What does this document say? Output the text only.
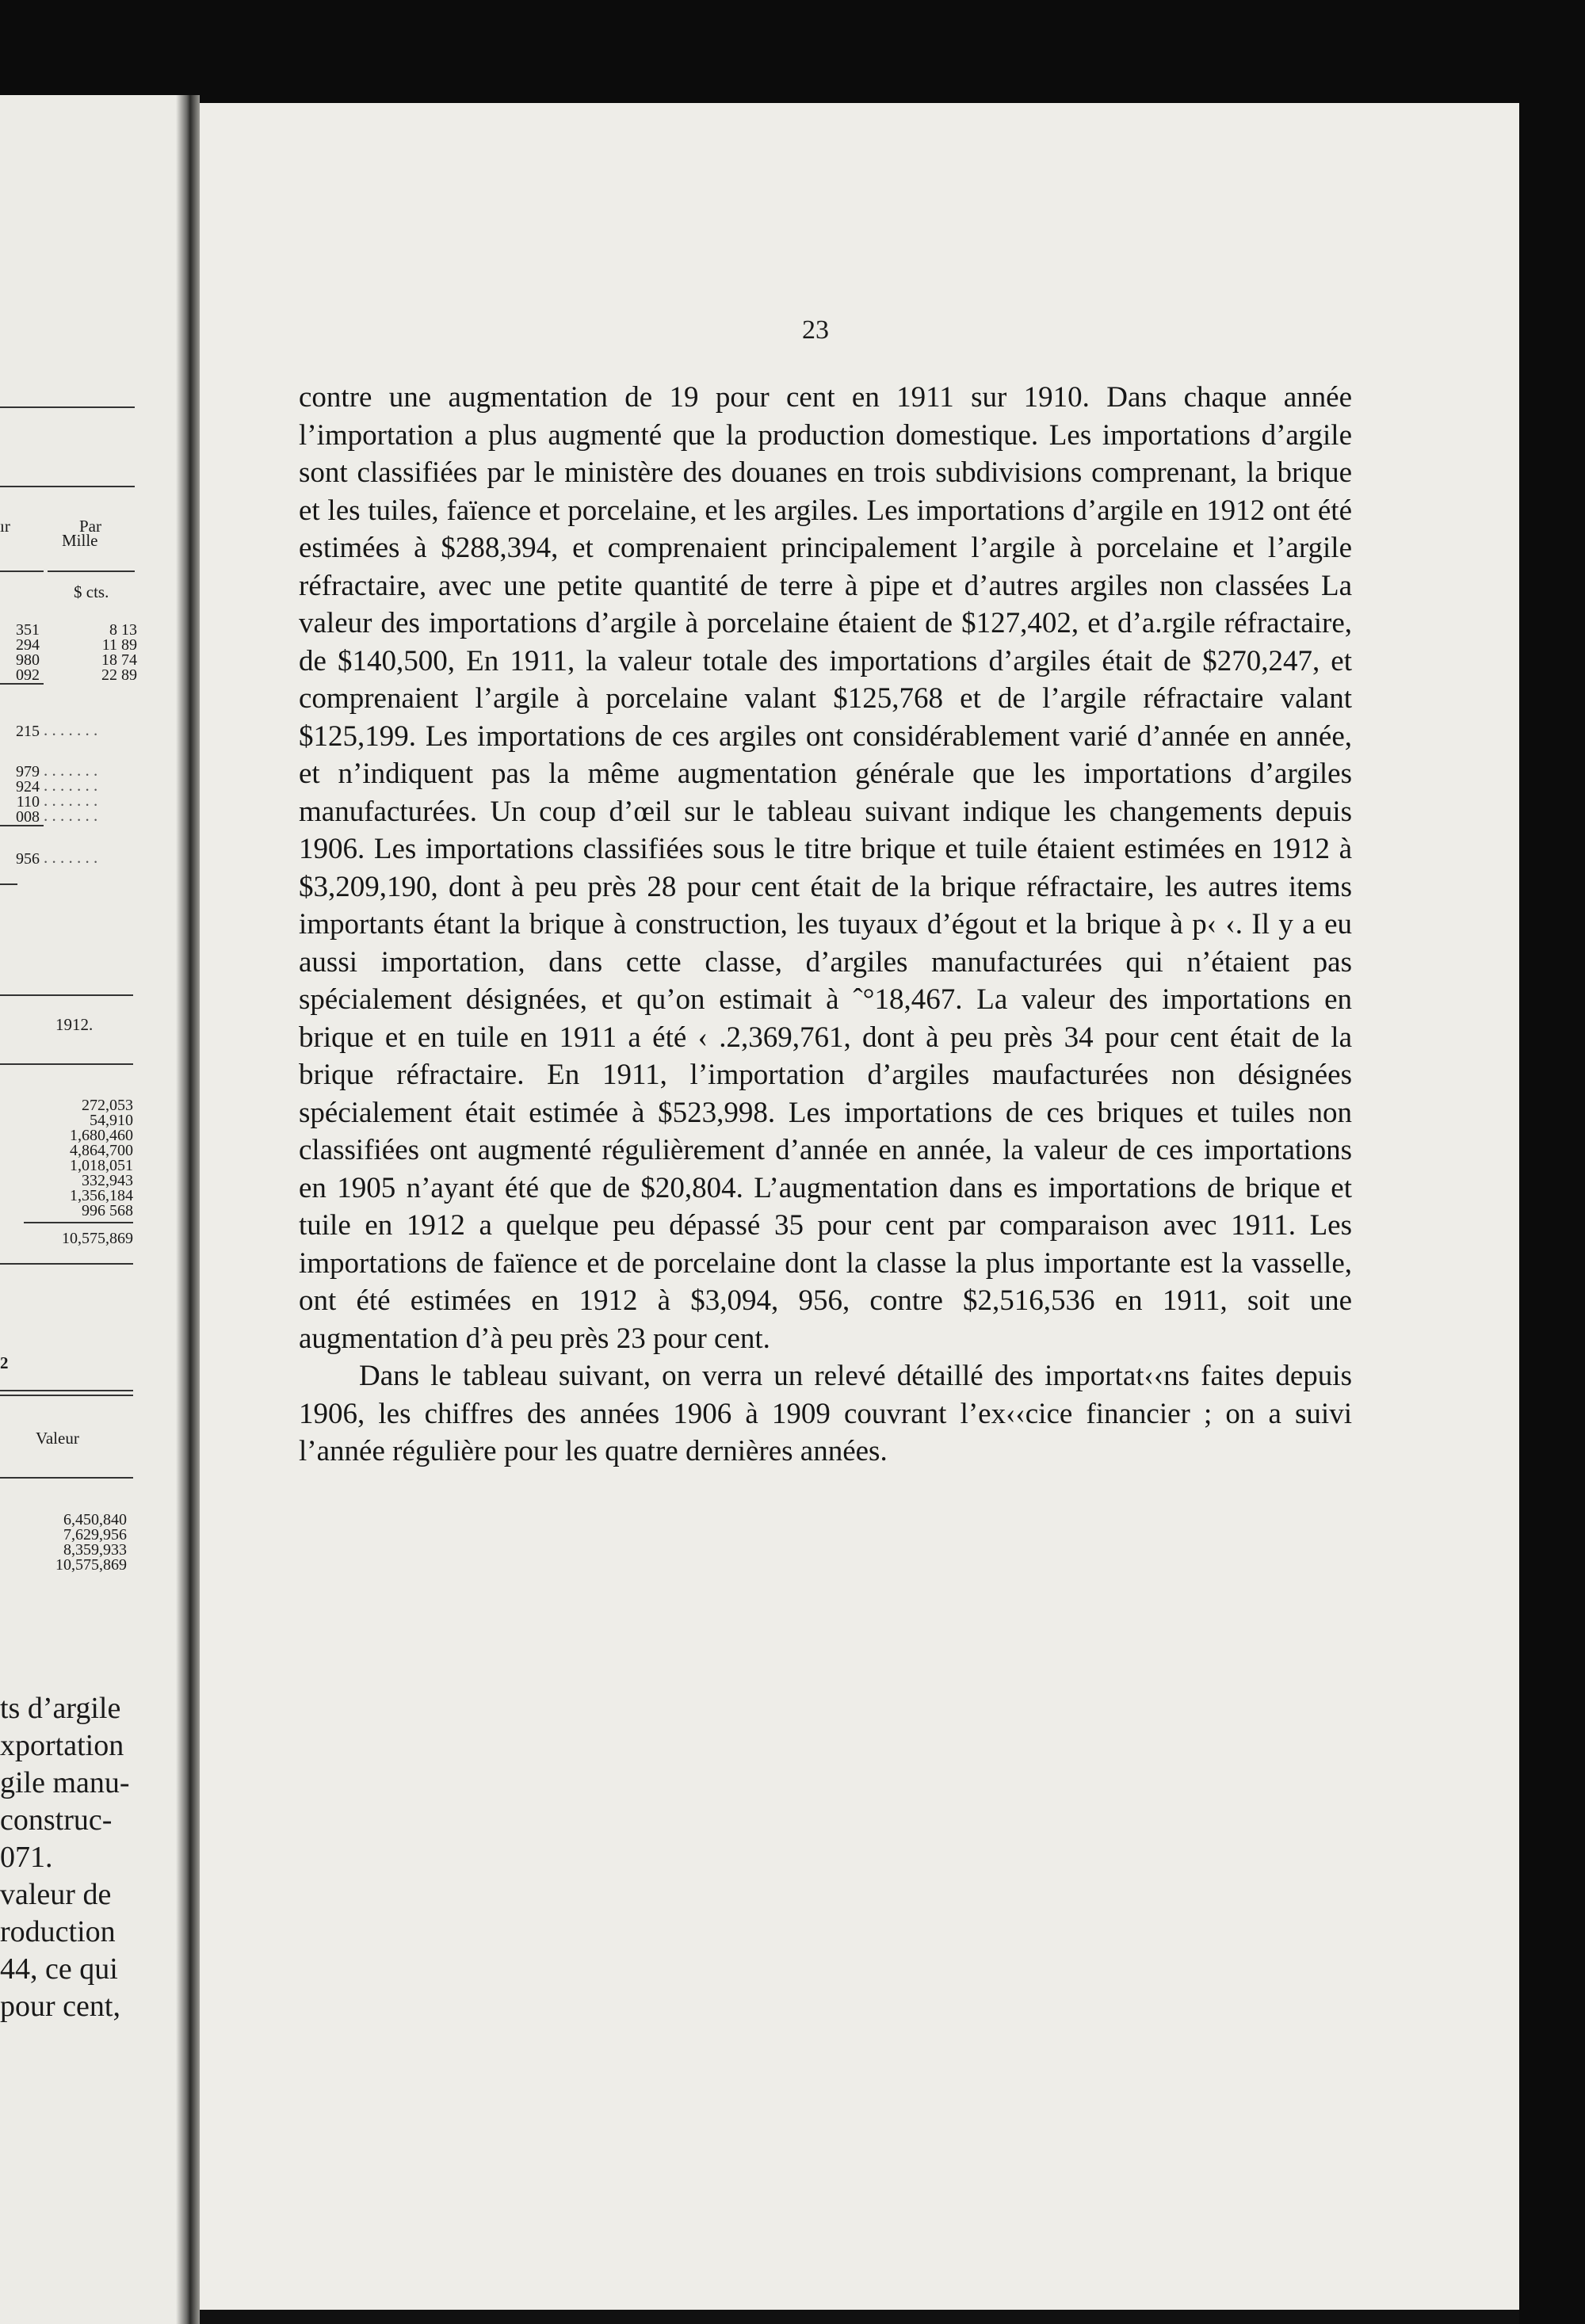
ır	Par
Mille
$ cts.
351
294
980
092
8 13
11 89
18 74
22 89
215 . . . . . . .
979
924
110
008
. . . . . . .
. . . . . . .
. . . . . . .
. . . . . . .
956 . . . . . . .
1912.
272,053
54,910
1,680,460
4,864,700
1,018,051
332,943
1,356,184
996 568
10,575,869
2
Valeur
6,450,840
7,629,956
8,359,933
10,575,869
ts d’argile
xportation
gile manu-
construc-
071.
valeur de
roduction
44, ce qui
pour cent,
23

contre une augmentation de 19 pour cent en 1911 sur 1910. Dans chaque année l’importation a plus augmenté que la production domestique. Les importations d’argile sont classifiées par le ministère des douanes en trois subdivisions comprenant, la brique et les tuiles, faïence et porcelaine, et les argiles. Les importations d’argile en 1912 ont été estimées à $288,394, et comprenaient principalement l’argile à porcelaine et l’argile réfractaire, avec une petite quantité de terre à pipe et d’autres argiles non classées La valeur des importations d’argile à porcelaine étaient de $127,402, et d’a.rgile réfractaire, de $140,500, En 1911, la valeur totale des importations d’argiles était de $270,247, et comprenaient l’argile à porcelaine valant $125,768 et de l’argile réfractaire valant $125,199. Les importations de ces argiles ont considérablement varié d’année en année, et n’indiquent pas la même augmentation générale que les importations d’argiles manufacturées. Un coup d’œil sur le tableau suivant indique les changements depuis 1906. Les importations classifiées sous le titre brique et tuile étaient estimées en 1912 à $3,209,190, dont à peu près 28 pour cent était de la brique réfractaire, les autres items importants étant la brique à construction, les tuyaux d’égout et la brique à p‹ ‹. Il y a eu aussi importation, dans cette classe, d’argiles manufacturées qui n’étaient pas spécialement désignées, et qu’on estimait à ˆ°18,467. La valeur des importations en brique et en tuile en 1911 a été ‹ .2,369,761, dont à peu près 34 pour cent était de la brique réfractaire. En 1911, l’importation d’argiles maufacturées non désignées spécialement était estimée à $523,998. Les importations de ces briques et tuiles non classifiées ont augmenté régulièrement d’année en année, la valeur de ces importations en 1905 n’ayant été que de $20,804. L’augmentation dans es importations de brique et tuile en 1912 a quelque peu dépassé 35 pour cent par comparaison avec 1911. Les importations de faïence et de porcelaine dont la classe la plus importante est la vasselle, ont été estimées en 1912 à $3,094, 956, contre $2,516,536 en 1911, soit une augmentation d’à peu près 23 pour cent.

Dans le tableau suivant, on verra un relevé détaillé des importat‹‹ns faites depuis 1906, les chiffres des années 1906 à 1909 couvrant l’ex‹‹cice financier ; on a suivi l’année régulière pour les quatre dernières années.
